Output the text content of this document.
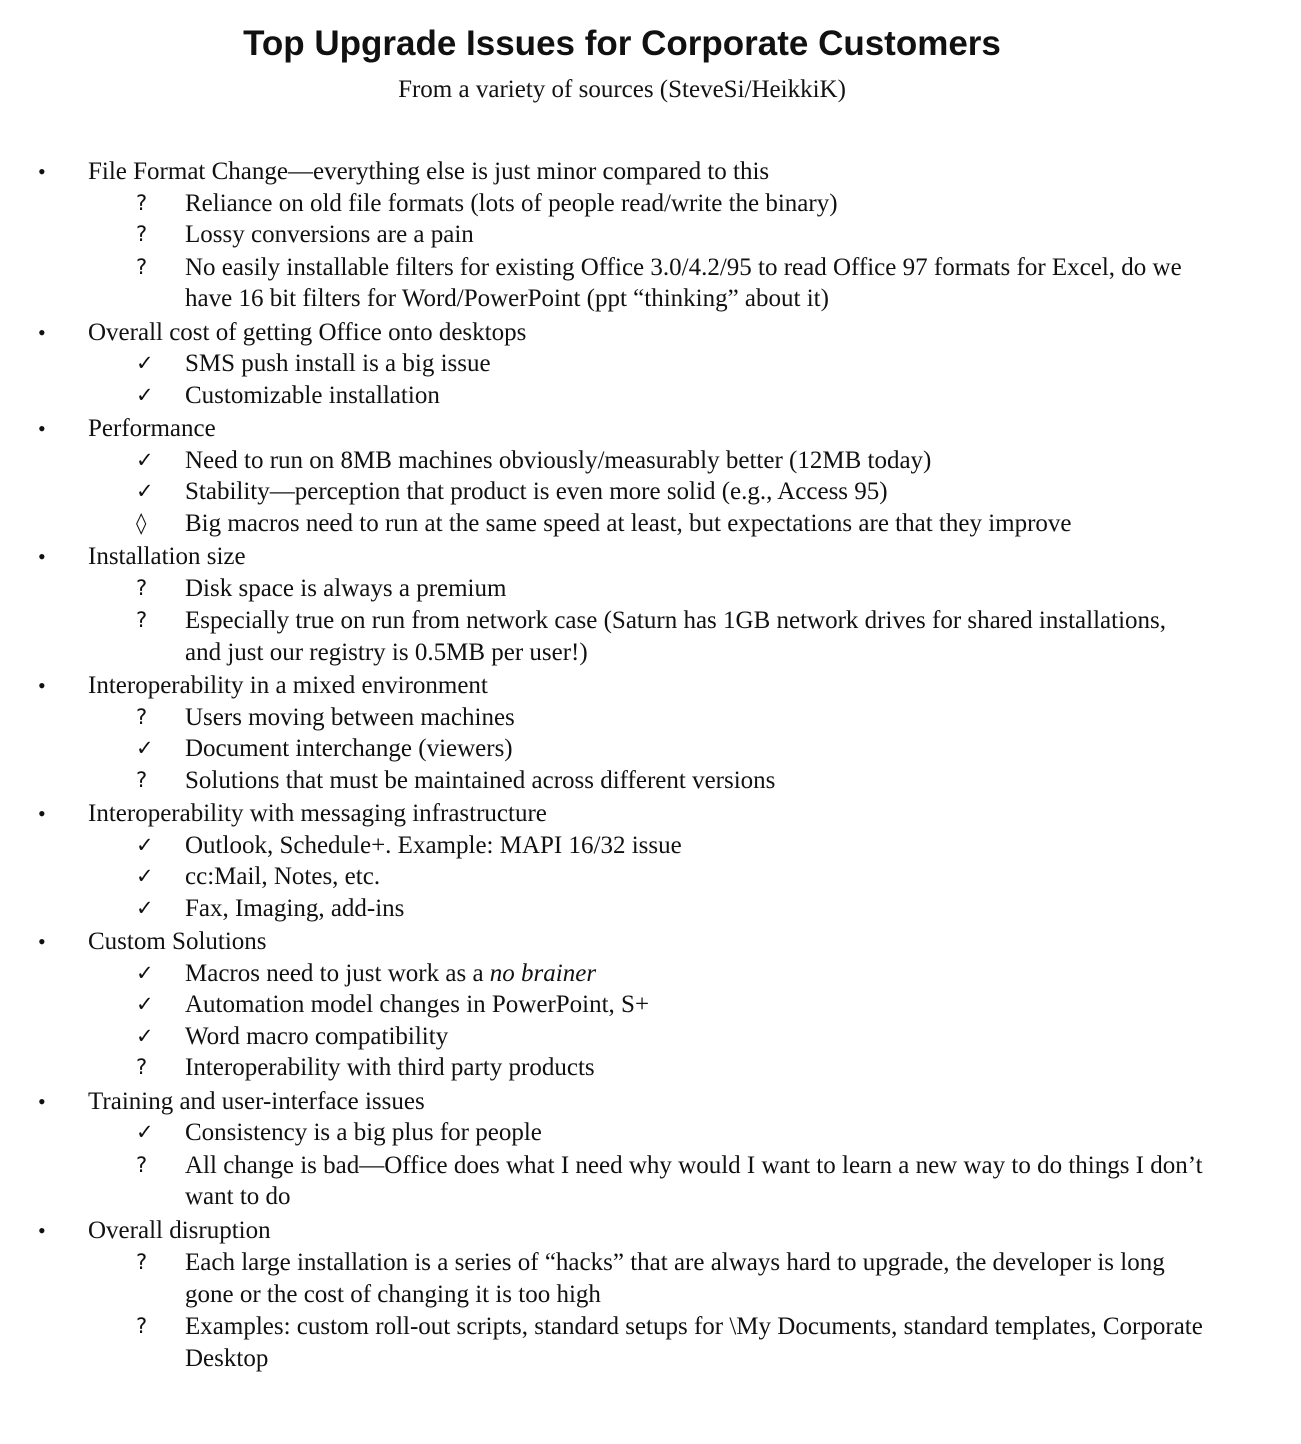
Top Upgrade Issues for Corporate Customers

From a variety of sources (SteveSi/HeikkiK)

•	File Format Change—everything else is just minor compared to this
?	Reliance on old file formats (lots of people read/write the binary)
?	Lossy conversions are a pain
?	No easily installable filters for existing Office 3.0/4.2/95 to read Office 97 formats for Excel, do we have 16 bit filters for Word/PowerPoint (ppt “thinking” about it)
•	Overall cost of getting Office onto desktops
✓ SMS push install is a big issue
✓ Customizable installation
•	Performance
✓ Need to run on 8MB machines obviously/measurably better (12MB today)
✓ Stability—perception that product is even more solid (e.g., Access 95)
◊	Big macros need to run at the same speed at least, but expectations are that they improve
•	Installation size
?	Disk space is always a premium
?	Especially true on run from network case (Saturn has 1GB network drives for shared installations, and just our registry is 0.5MB per user!)
•	Interoperability in a mixed environment
?	Users moving between machines
✓ Document interchange (viewers)
?	Solutions that must be maintained across different versions
•	Interoperability with messaging infrastructure
✓ Outlook, Schedule+. Example: MAPI 16/32 issue
✓ cc:Mail, Notes, etc.
✓ Fax, Imaging, add-ins
•	Custom Solutions
✓ Macros need to just work as a no brainer
✓ Automation model changes in PowerPoint, S+
✓ Word macro compatibility
?	Interoperability with third party products
•	Training and user-interface issues
✓ Consistency is a big plus for people
?	All change is bad—Office does what I need why would I want to learn a new way to do things I don’t want to do
•	Overall disruption
?	Each large installation is a series of “hacks” that are always hard to upgrade, the developer is long gone or the cost of changing it is too high
?	Examples: custom roll-out scripts, standard setups for \My Documents, standard templates, Corporate Desktop
